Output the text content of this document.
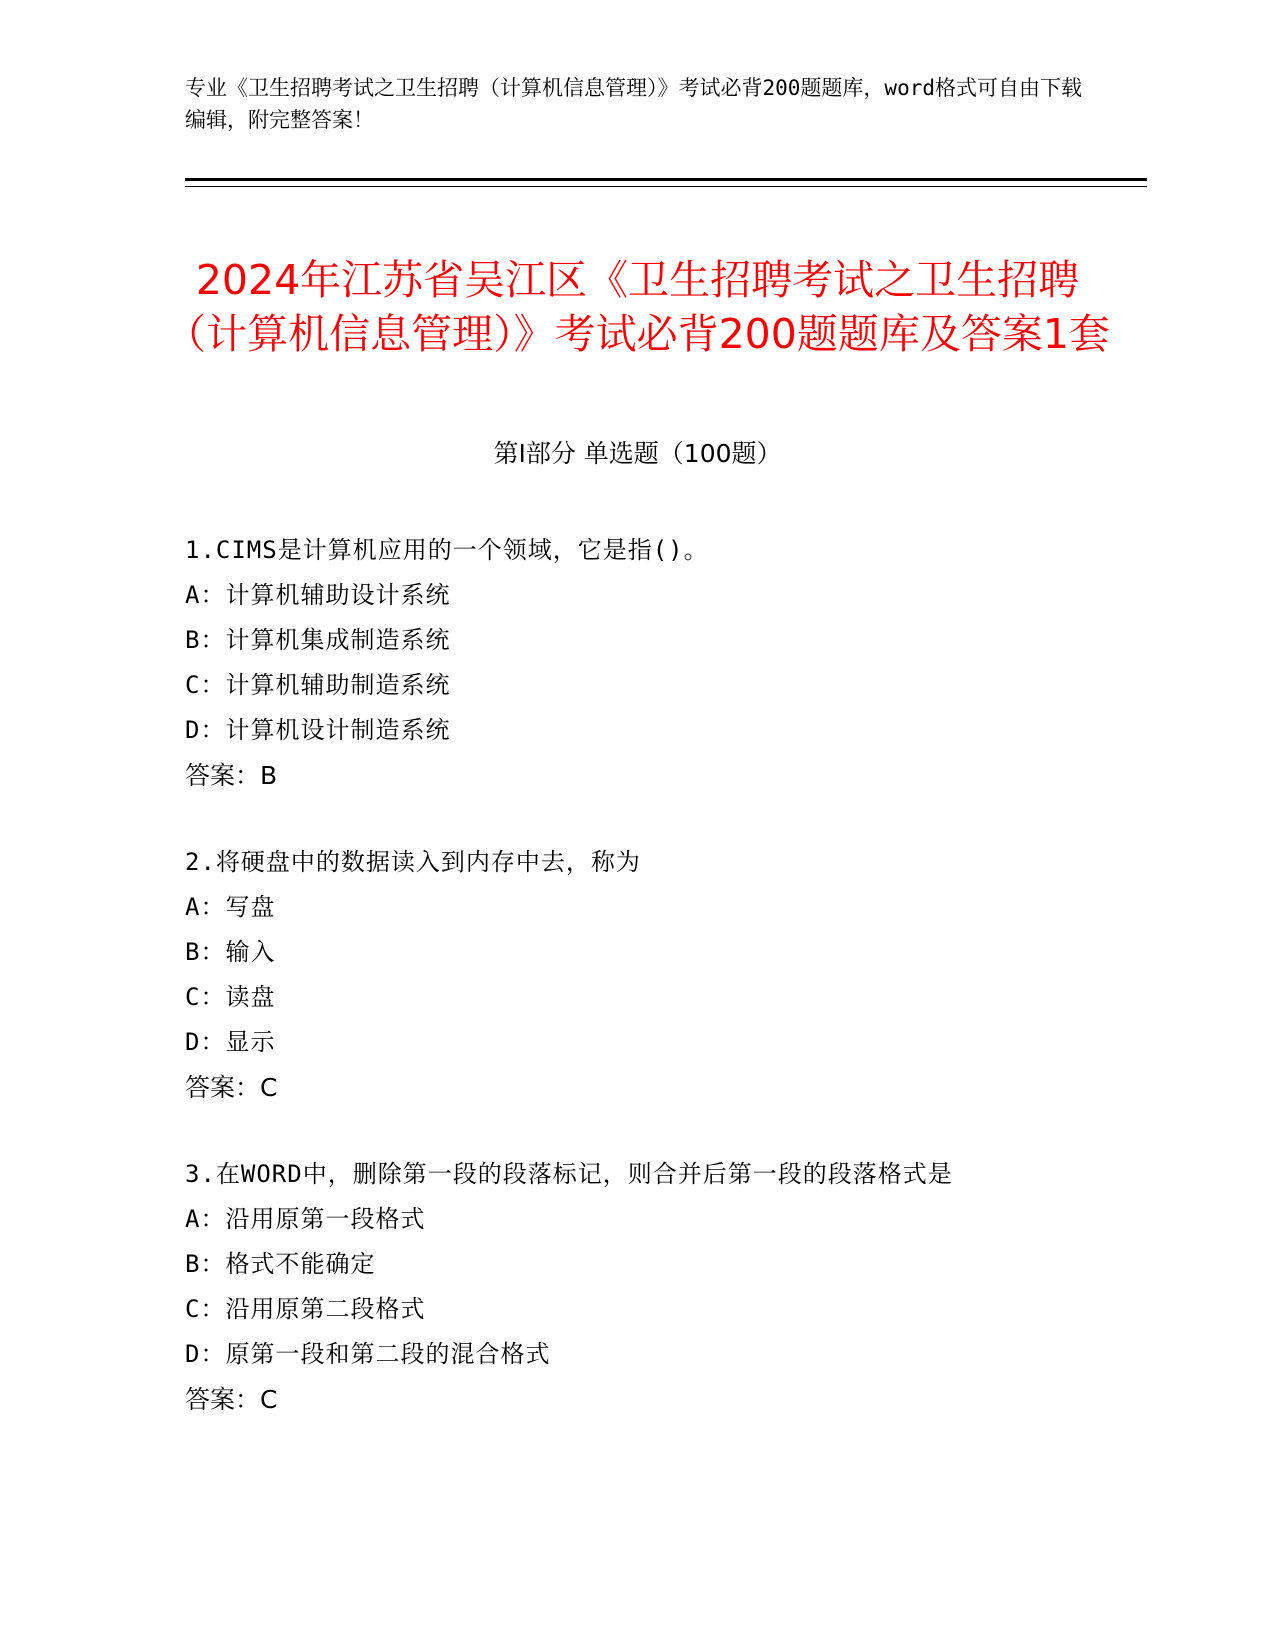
专业《卫生招聘考试之卫生招聘（计算机信息管理）》考试必背200题题库，word格式可自由下载编辑，附完整答案！
2024年江苏省吴江区《卫生招聘考试之卫生招聘（计算机信息管理）》考试必背200题题库及答案1套
第Ⅰ部分 单选题（100题）
1.CIMS是计算机应用的一个领域，它是指()。
A：计算机辅助设计系统
B：计算机集成制造系统
C：计算机辅助制造系统
D：计算机设计制造系统
答案：B
2.将硬盘中的数据读入到内存中去，称为
A：写盘
B：输入
C：读盘
D：显示
答案：C
3.在WORD中，删除第一段的段落标记，则合并后第一段的段落格式是
A：沿用原第一段格式
B：格式不能确定
C：沿用原第二段格式
D：原第一段和第二段的混合格式
答案：C
